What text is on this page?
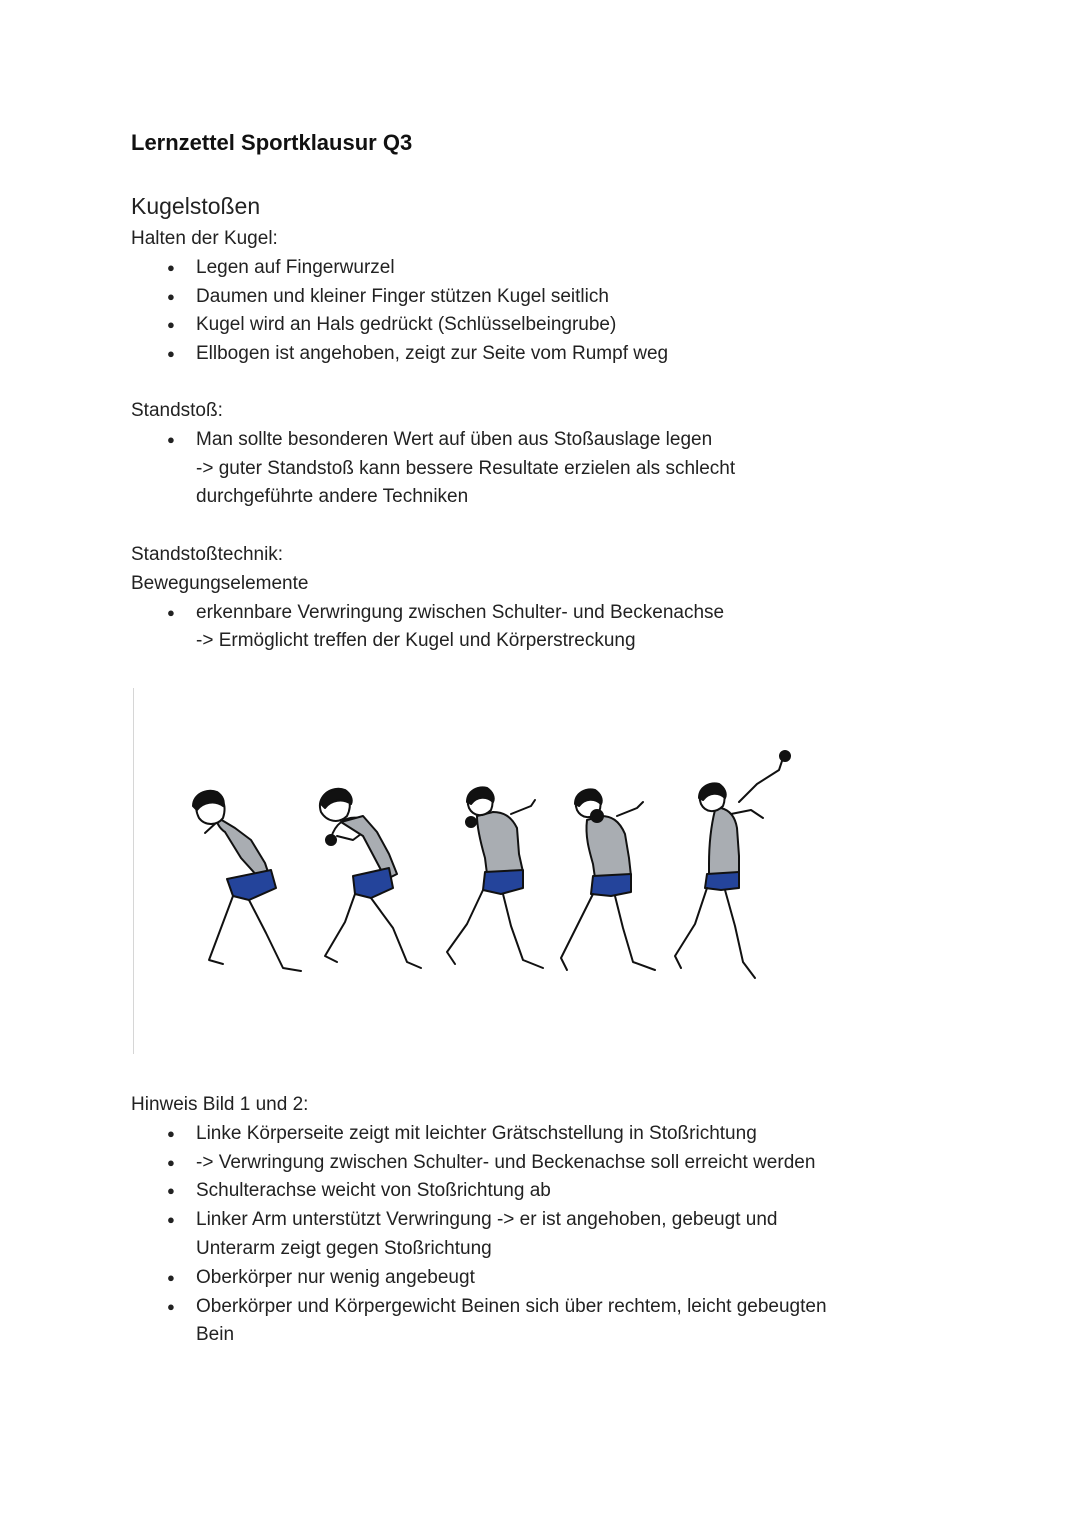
Lernzettel Sportklausur Q3
Kugelstoßen

Halten der Kugel:

● Legen auf Fingerwurzel
● Daumen und kleiner Finger stützen Kugel seitlich
● Kugel wird an Hals gedrückt (Schlüsselbeingrube)
● Ellbogen ist angehoben, zeigt zur Seite vom Rumpf weg

Standstoß:

● Man sollte besonderen Wert auf üben aus Stoßauslage legen
-> guter Standstoß kann bessere Resultate erzielen als schlecht
durchgeführte andere Techniken

Standstoßtechnik:

Bewegungselemente

● erkennbare Verwringung zwischen Schulter- und Beckenachse
-> Ermöglicht treffen der Kugel und Körperstreckung

Hinweis Bild 1 und 2:

● Linke Körperseite zeigt mit leichter Grätschstellung in Stoßrichtung
● -> Verwringung zwischen Schulter- und Beckenachse soll erreicht werden
● Schulterachse weicht von Stoßrichtung ab
● Linker Arm unterstützt Verwringung -> er ist angehoben, gebeugt und
Unterarm zeigt gegen Stoßrichtung
● Oberkörper nur wenig angebeugt
● Oberkörper und Körpergewicht Beinen sich über rechtem, leicht gebeugten
Bein
